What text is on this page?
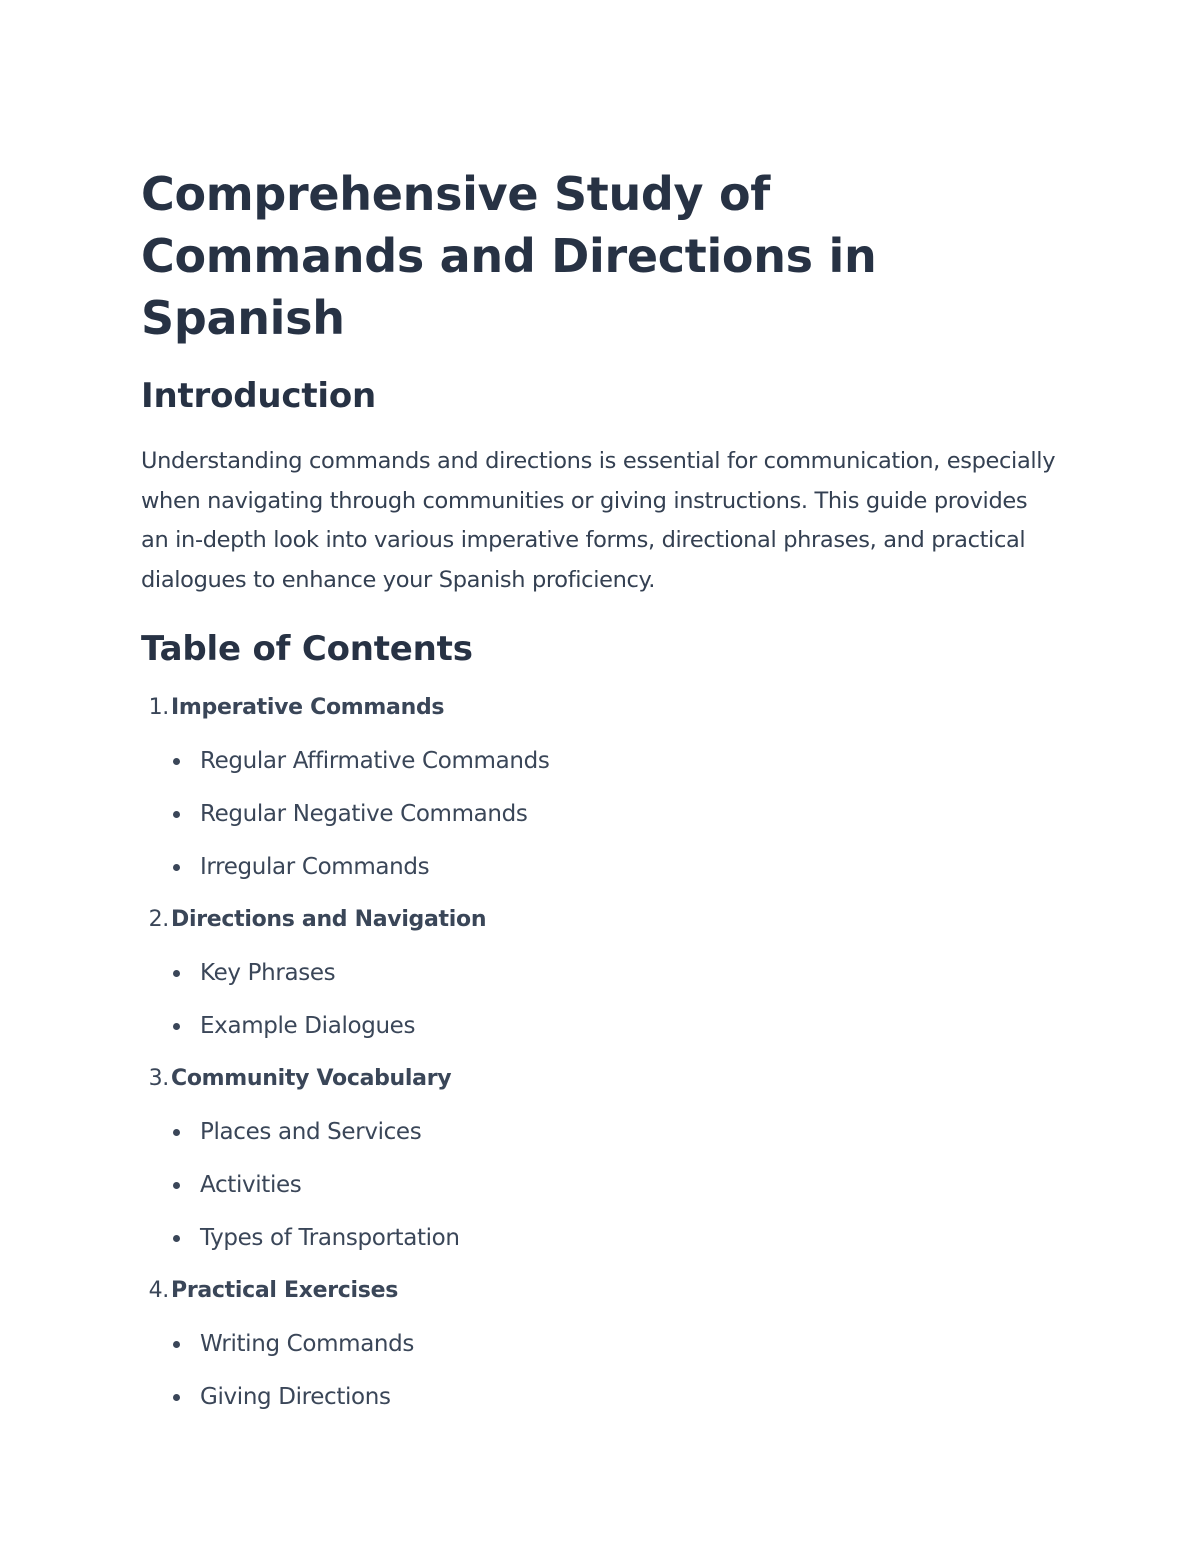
Comprehensive Study of Commands and Directions in Spanish
Introduction

Understanding commands and directions is essential for communication, especially when navigating through communities or giving instructions. This guide provides an in-depth look into various imperative forms, directional phrases, and practical dialogues to enhance your Spanish proficiency.

Table of Contents
1.Imperative Commands
Regular Affirmative Commands
Regular Negative Commands
Irregular Commands
2.Directions and Navigation
Key Phrases
Example Dialogues
3.Community Vocabulary
Places and Services
Activities
Types of Transportation
4.Practical Exercises
Writing Commands
Giving Directions
